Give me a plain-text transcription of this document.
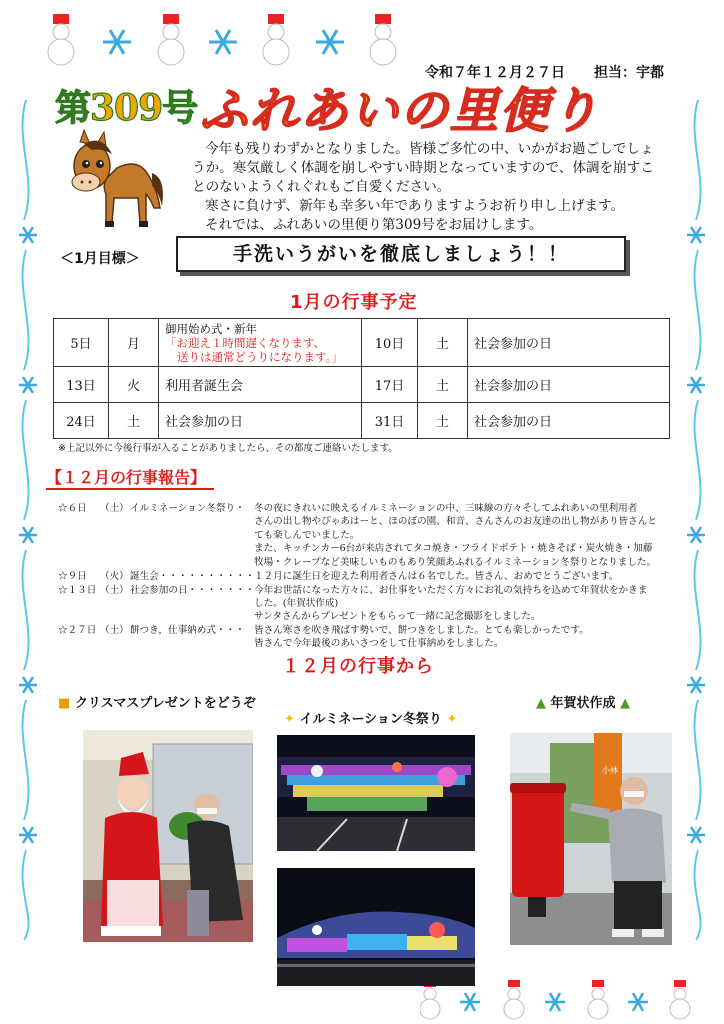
令和７年１２月２７日 担当：宇都
第309号 ふれあいの里便り

今年も残りわずかとなりました。皆様ご多忙の中、いかがお過ごしでしょ

うか。寒気厳しく体調を崩しやすい時期となっていますので、体調を崩すこ

とのないようくれぐれもご自愛ください。

寒さに負けず、新年も幸多い年でありますようお祈り申し上げます。

それでは、ふれあいの里便り第309号をお届けします。

＜1月目標＞	手洗いうがいを徹底しましょう！！
1月の行事予定
5日	月	御用始め式・新年
「お迎え１時間遅くなります、
送りは通常どうりになります。」	10日	土	社会参加の日
13日	火	利用者誕生会	17日	土	社会参加の日
24日	土	社会参加の日	31日	土	社会参加の日
※上記以外に今後行事が入ることがありましたら、その都度ご連絡いたします。
【１２月の行事報告】
☆６日 （土） イルミネーション冬祭り・ 冬の夜にきれいに映えるイルミネーションの中、三味線の方々そしてふれあいの里利用者
さんの出し物やぴゃあはーと、ほのぼの園、和音、さんさんのお友達の出し物があり皆さんと
ても楽しんでいました。
また、キッチンカー6台が来店されてタコ焼き・フライドポテト・焼きそば・炭火焼き・加藤
牧場・クレープなど美味しいものもあり笑顔あふれるイルミネーション冬祭りとなりました。
☆９日 （火） 誕生会・・・・・・・・・・ １２月に誕生日を迎えた利用者さんは６名でした。皆さん、おめでとうございます。
☆１３日 （土） 社会参加の日・・・・・・・ 今年お世話になった方々に、お仕事をいただく方々にお礼の気持ちを込めて年賀状をかきま
した。(年賀状作成)
サンタさんからプレゼントをもらって一緒に記念撮影をしました。
☆２７日 （土） 餅つき，仕事納め式・・・ 皆さん寒さを吹き飛ばす勢いで、餅つきをしました。とても楽しかったです。
皆さんで今年最後のあいさつをして仕事納めをしました。
１２月の行事から
■ クリスマスプレゼントをどうぞ
✦ イルミネーション冬祭り ✦
▲ 年賀状作成 ▲
小林
